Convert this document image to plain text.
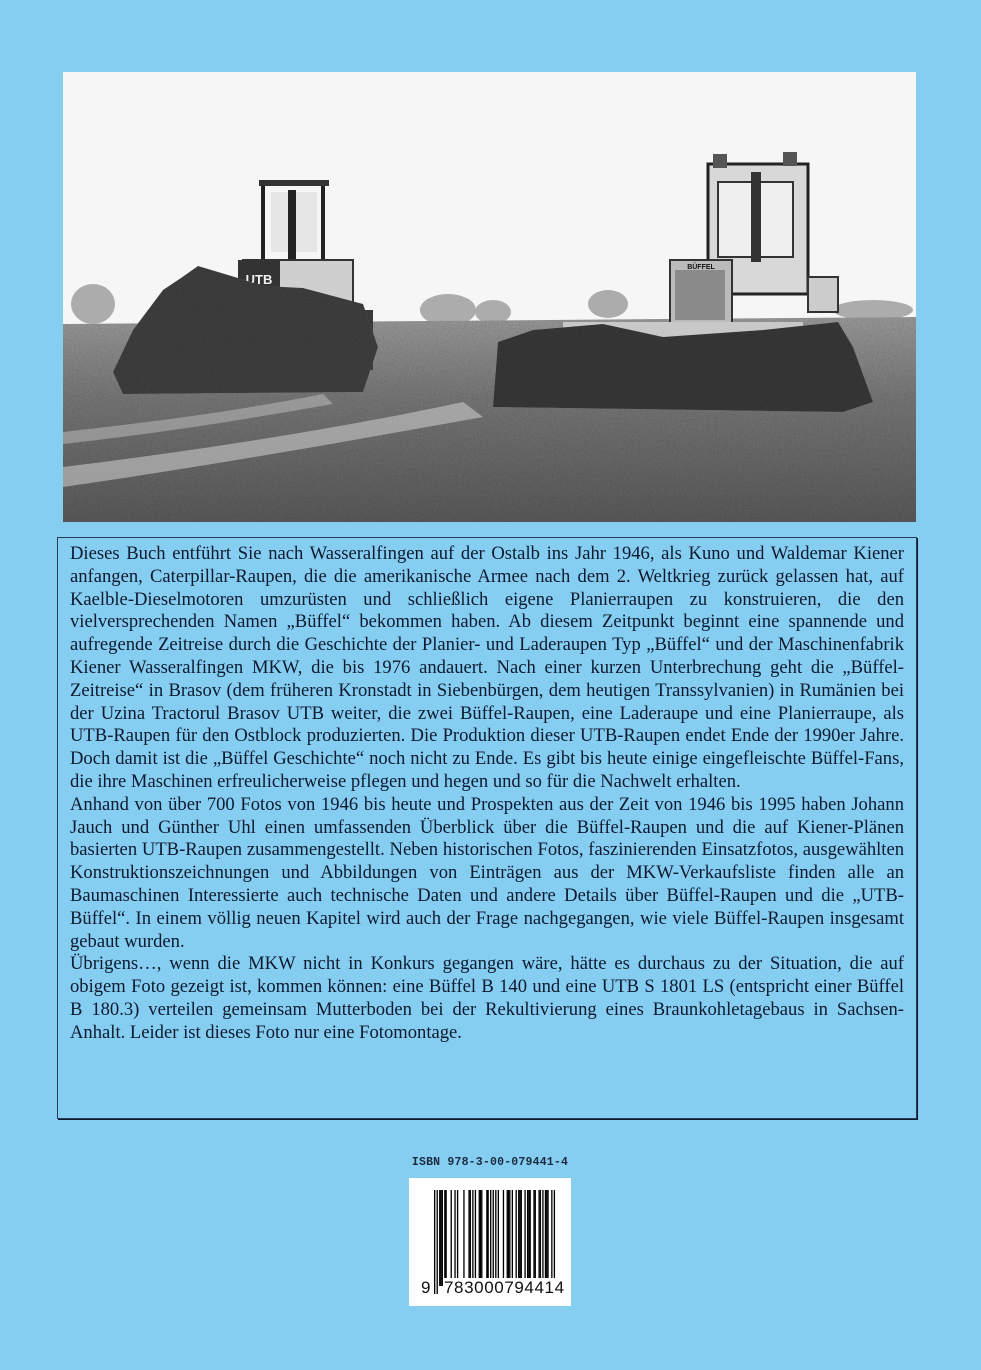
UTB
BÜFFEL

Dieses Buch entführt Sie nach Wasseralfingen auf der Ostalb ins Jahr 1946, als Kuno und Waldemar Kiener anfangen, Caterpillar-Raupen, die die amerikanische Armee nach dem 2. Weltkrieg zurück gelassen hat, auf Kaelble-Dieselmotoren umzurüsten und schließlich eigene Planierraupen zu konstruieren, die den vielversprechenden Namen „Büffel“ bekommen haben. Ab diesem Zeitpunkt beginnt eine spannende und aufregende Zeitreise durch die Geschichte der Planier- und Laderaupen Typ „Büffel“ und der Maschinenfabrik Kiener Wasseralfingen MKW, die bis 1976 andauert. Nach einer kurzen Unterbrechung geht die „Büffel-Zeitreise“ in Brasov (dem früheren Kronstadt in Siebenbürgen, dem heutigen Transsylvanien) in Rumänien bei der Uzina Tractorul Brasov UTB weiter, die zwei Büffel-Raupen, eine Laderaupe und eine Planierraupe, als UTB-Raupen für den Ostblock produzierten. Die Produktion dieser UTB-Raupen endet Ende der 1990er Jahre. Doch damit ist die „Büffel Geschichte“ noch nicht zu Ende. Es gibt bis heute einige eingefleischte Büffel-Fans, die ihre Maschinen erfreulicherweise pflegen und hegen und so für die Nachwelt erhalten.

Anhand von über 700 Fotos von 1946 bis heute und Prospekten aus der Zeit von 1946 bis 1995 haben Johann Jauch und Günther Uhl einen umfassenden Überblick über die Büffel-Raupen und die auf Kiener-Plänen basierten UTB-Raupen zusammengestellt. Neben historischen Fotos, faszinierenden Einsatzfotos, ausgewählten Konstruktionszeichnungen und Abbildungen von Einträgen aus der MKW-Verkaufsliste finden alle an Baumaschinen Interessierte auch technische Daten und andere Details über Büffel-Raupen und die „UTB-Büffel“. In einem völlig neuen Kapitel wird auch der Frage nachgegangen, wie viele Büffel-Raupen insgesamt gebaut wurden.

Übrigens…, wenn die MKW nicht in Konkurs gegangen wäre, hätte es durchaus zu der Situation, die auf obigem Foto gezeigt ist, kommen können: eine Büffel B 140 und eine UTB S 1801 LS (entspricht einer Büffel B 180.3) verteilen gemeinsam Mutterboden bei der Rekultivierung eines Braunkohletagebaus in Sachsen-Anhalt. Leider ist dieses Foto nur eine Fotomontage.

ISBN 978-3-00-079441-4
9 783000794414
